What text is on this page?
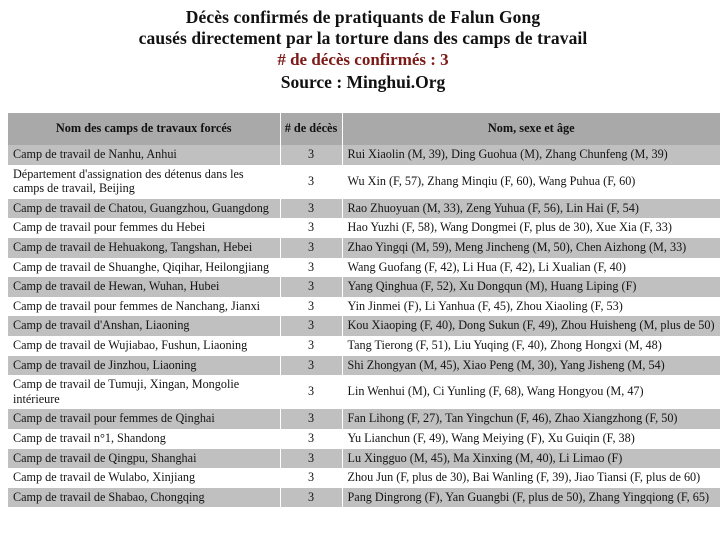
Décès confirmés de pratiquants de Falun Gong
causés directement par la torture dans des camps de travail
# de décès confirmés : 3
Source : Minghui.Org
Nom des camps de travaux forcés	# de décès	Nom, sexe et âge
Camp de travail de Nanhu, Anhui	3	Rui Xiaolin (M, 39), Ding Guohua (M), Zhang Chunfeng (M, 39)
Département d'assignation des détenus dans les camps de travail, Beijing	3	Wu Xin (F, 57), Zhang Minqiu (F, 60), Wang Puhua (F, 60)
Camp de travail de Chatou, Guangzhou, Guangdong	3	Rao Zhuoyuan (M, 33), Zeng Yuhua (F, 56), Lin Hai (F, 54)
Camp de travail pour femmes du Hebei	3	Hao Yuzhi (F, 58), Wang Dongmei (F, plus de 30), Xue Xia (F, 33)
Camp de travail de Hehuakong, Tangshan, Hebei	3	Zhao Yingqi (M, 59), Meng Jincheng (M, 50), Chen Aizhong (M, 33)
Camp de travail de Shuanghe, Qiqihar, Heilongjiang	3	Wang Guofang (F, 42), Li Hua (F, 42), Li Xualian (F, 40)
Camp de travail de Hewan, Wuhan, Hubei	3	Yang Qinghua (F, 52), Xu Dongqun (M), Huang Liping (F)
Camp de travail pour femmes de Nanchang, Jianxi	3	Yin Jinmei (F), Li Yanhua (F, 45), Zhou Xiaoling (F, 53)
Camp de travail d'Anshan, Liaoning	3	Kou Xiaoping (F, 40), Dong Sukun (F, 49), Zhou Huisheng (M, plus de 50)
Camp de travail de Wujiabao, Fushun, Liaoning	3	Tang Tierong (F, 51), Liu Yuqing (F, 40), Zhong Hongxi (M, 48)
Camp de travail de Jinzhou, Liaoning	3	Shi Zhongyan (M, 45), Xiao Peng (M, 30), Yang Jisheng (M, 54)
Camp de travail de Tumuji, Xingan, Mongolie intérieure	3	Lin Wenhui (M), Ci Yunling (F, 68), Wang Hongyou (M, 47)
Camp de travail pour femmes de Qinghai	3	Fan Lihong (F, 27), Tan Yingchun (F, 46), Zhao Xiangzhong (F, 50)
Camp de travail n°1, Shandong	3	Yu Lianchun (F, 49), Wang Meiying (F), Xu Guiqin (F, 38)
Camp de travail de Qingpu, Shanghai	3	Lu Xingguo (M, 45), Ma Xinxing (M, 40), Li Limao (F)
Camp de travail de Wulabo, Xinjiang	3	Zhou Jun (F, plus de 30), Bai Wanling (F, 39), Jiao Tiansi (F, plus de 60)
Camp de travail de Shabao, Chongqing	3	Pang Dingrong (F), Yan Guangbi (F, plus de 50), Zhang Yingqiong (F, 65)
